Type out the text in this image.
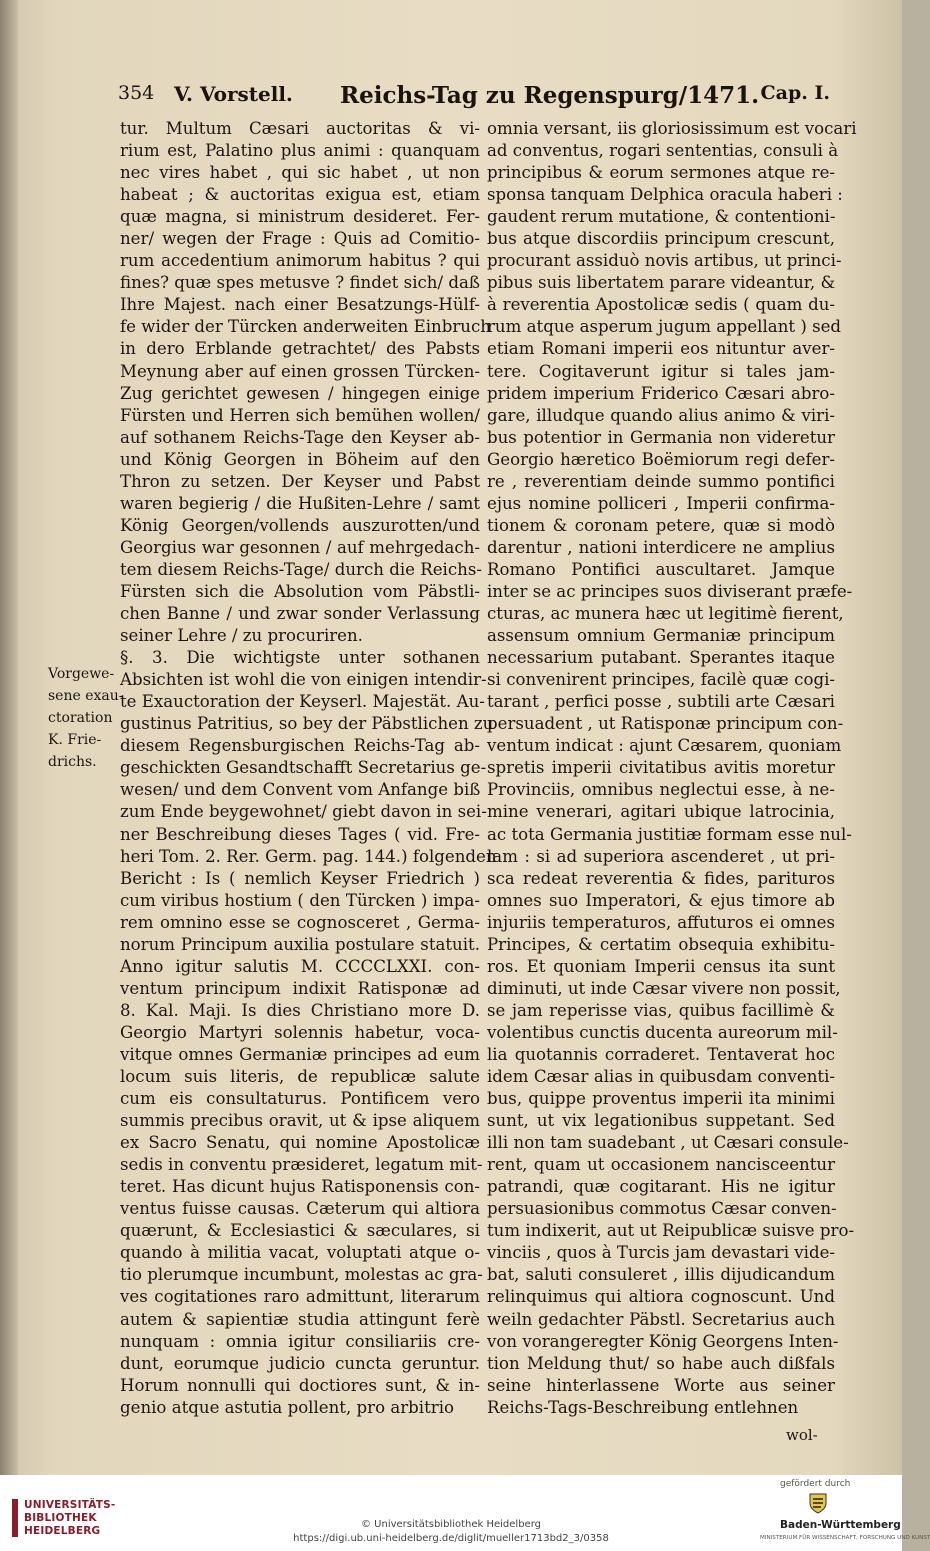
354 V. Vorstell. Reichs-Tag zu Regenspurg/1471. Cap. I.
Vorgewe-
sene exau-
ctoration
K. Frie-
drichs.
tur. Multum Cæsari auctoritas & vi-
rium est, Palatino plus animi : quanquam
nec vires habet , qui sic habet , ut non
habeat ; & auctoritas exigua est, etiam
quæ magna, si ministrum desideret. Fer-
ner/ wegen der Frage : Quis ad Comitio-
rum accedentium animorum habitus ? qui
fines? quæ spes metusve ? findet sich/ daß
Ihre Majest. nach einer Besatzungs-Hülf-
fe wider der Türcken anderweiten Einbruch
in dero Erblande getrachtet/ des Pabsts
Meynung aber auf einen grossen Türcken-
Zug gerichtet gewesen / hingegen einige
Fürsten und Herren sich bemühen wollen/
auf sothanem Reichs-Tage den Keyser ab-
und König Georgen in Böheim auf den
Thron zu setzen. Der Keyser und Pabst
waren begierig / die Hußiten-Lehre / samt
König Georgen/vollends auszurotten/und
Georgius war gesonnen / auf mehrgedach-
tem diesem Reichs-Tage/ durch die Reichs-
Fürsten sich die Absolution vom Päbstli-
chen Banne / und zwar sonder Verlassung
seiner Lehre / zu procuriren.
§. 3. Die wichtigste unter sothanen
Absichten ist wohl die von einigen intendir-
te Exauctoration der Keyserl. Majestät. Au-
gustinus Patritius, so bey der Päbstlichen zu
diesem Regensburgischen Reichs-Tag ab-
geschickten Gesandtschafft Secretarius ge-
wesen/ und dem Convent vom Anfange biß
zum Ende beygewohnet/ giebt davon in sei-
ner Beschreibung dieses Tages ( vid. Fre-
heri Tom. 2. Rer. Germ. pag. 144.) folgenden
Bericht : Is ( nemlich Keyser Friedrich )
cum viribus hostium ( den Türcken ) impa-
rem omnino esse se cognosceret , Germa-
norum Principum auxilia postulare statuit.
Anno igitur salutis M. CCCCLXXI. con-
ventum principum indixit Ratisponæ ad
8. Kal. Maji. Is dies Christiano more D.
Georgio Martyri solennis habetur, voca-
vitque omnes Germaniæ principes ad eum
locum suis literis, de republicæ salute
cum eis consultaturus. Pontificem vero
summis precibus oravit, ut & ipse aliquem
ex Sacro Senatu, qui nomine Apostolicæ
sedis in conventu præsideret, legatum mit-
teret. Has dicunt hujus Ratisponensis con-
ventus fuisse causas. Cæterum qui altiora
quærunt, & Ecclesiastici & sæculares, si
quando à militia vacat, voluptati atque o-
tio plerumque incumbunt, molestas ac gra-
ves cogitationes raro admittunt, literarum
autem & sapientiæ studia attingunt ferè
nunquam : omnia igitur consiliariis cre-
dunt, eorumque judicio cuncta geruntur.
Horum nonnulli qui doctiores sunt, & in-
genio atque astutia pollent, pro arbitrio
omnia versant, iis gloriosissimum est vocari
ad conventus, rogari sententias, consuli à
principibus & eorum sermones atque re-
sponsa tanquam Delphica oracula haberi :
gaudent rerum mutatione, & contentioni-
bus atque discordiis principum crescunt,
procurant assiduò novis artibus, ut princi-
pibus suis libertatem parare videantur, &
à reverentia Apostolicæ sedis ( quam du-
rum atque asperum jugum appellant ) sed
etiam Romani imperii eos nituntur aver-
tere. Cogitaverunt igitur si tales jam-
pridem imperium Friderico Cæsari abro-
gare, illudque quando alius animo & viri-
bus potentior in Germania non videretur
Georgio hæretico Boëmiorum regi defer-
re , reverentiam deinde summo pontifici
ejus nomine polliceri , Imperii confirma-
tionem & coronam petere, quæ si modò
darentur , nationi interdicere ne amplius
Romano Pontifici auscultaret. Jamque
inter se ac principes suos diviserant præfe-
cturas, ac munera hæc ut legitimè fierent,
assensum omnium Germaniæ principum
necessarium putabant. Sperantes itaque
si convenirent principes, facilè quæ cogi-
tarant , perfici posse , subtili arte Cæsari
persuadent , ut Ratisponæ principum con-
ventum indicat : ajunt Cæsarem, quoniam
spretis imperii civitatibus avitis moretur
Provinciis, omnibus neglectui esse, à ne-
mine venerari, agitari ubique latrocinia,
ac tota Germania justitiæ formam esse nul-
lam : si ad superiora ascenderet , ut pri-
sca redeat reverentia & fides, parituros
omnes suo Imperatori, & ejus timore ab
injuriis temperaturos, affuturos ei omnes
Principes, & certatim obsequia exhibitu-
ros. Et quoniam Imperii census ita sunt
diminuti, ut inde Cæsar vivere non possit,
se jam reperisse vias, quibus facillimè &
volentibus cunctis ducenta aureorum mil-
lia quotannis corraderet. Tentaverat hoc
idem Cæsar alias in quibusdam conventi-
bus, quippe proventus imperii ita minimi
sunt, ut vix legationibus suppetant. Sed
illi non tam suadebant , ut Cæsari consule-
rent, quam ut occasionem nancisceentur
patrandi, quæ cogitarant. His ne igitur
persuasionibus commotus Cæsar conven-
tum indixerit, aut ut Reipublicæ suisve pro-
vinciis , quos à Turcis jam devastari vide-
bat, saluti consuleret , illis dijudicandum
relinquimus qui altiora cognoscunt. Und
weiln gedachter Päbstl. Secretarius auch
von vorangeregter König Georgens Inten-
tion Meldung thut/ so habe auch dißfals
seine hinterlassene Worte aus seiner
Reichs-Tags-Beschreibung entlehnen
wol-
UNIVERSITÄTS-
BIBLIOTHEK
HEIDELBERG
© Universitätsbibliothek Heidelberg
https://digi.ub.uni-heidelberg.de/diglit/mueller1713bd2_3/0358
gefördert durch
Baden-Württemberg
MINISTERIUM FÜR WISSENSCHAFT, FORSCHUNG UND KUNST
